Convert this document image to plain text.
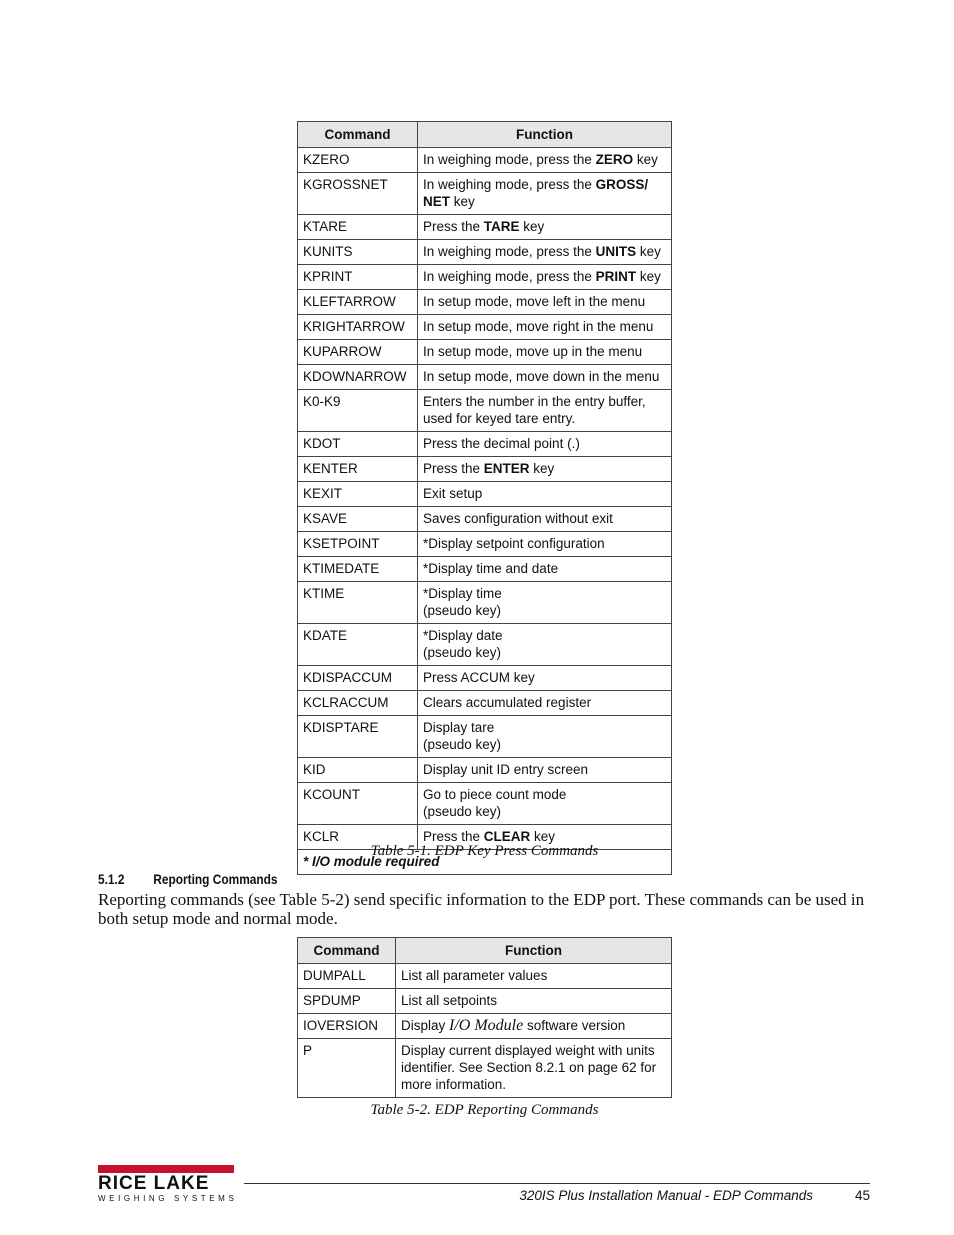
Command	Function
KZERO	In weighing mode, press the ZERO key
KGROSSNET	In weighing mode, press the GROSS/
NET key
KTARE	Press the TARE key
KUNITS	In weighing mode, press the UNITS key
KPRINT	In weighing mode, press the PRINT key
KLEFTARROW	In setup mode, move left in the menu
KRIGHTARROW	In setup mode, move right in the menu
KUPARROW	In setup mode, move up in the menu
KDOWNARROW	In setup mode, move down in the menu
K0-K9	Enters the number in the entry buffer,
used for keyed tare entry.
KDOT	Press the decimal point (.)
KENTER	Press the ENTER key
KEXIT	Exit setup
KSAVE	Saves configuration without exit
KSETPOINT	*Display setpoint configuration
KTIMEDATE	*Display time and date
KTIME	*Display time
(pseudo key)
KDATE	*Display date
(pseudo key)
KDISPACCUM	Press ACCUM key
KCLRACCUM	Clears accumulated register
KDISPTARE	Display tare
(pseudo key)
KID	Display unit ID entry screen
KCOUNT	Go to piece count mode
(pseudo key)
KCLR	Press the CLEAR key
* I/O module required	
Table 5-1. EDP Key Press Commands
5.1.2 Reporting Commands
Reporting commands (see Table 5-2) send specific information to the EDP port. These commands can be used in both setup mode and normal mode.
Command	Function
DUMPALL	List all parameter values
SPDUMP	List all setpoints
IOVERSION	Display I/O Module software version
P	Display current displayed weight with units
identifier. See Section 8.2.1 on page 62 for
more information.
Table 5-2. EDP Reporting Commands
RICE LAKE
WEIGHING SYSTEMS	320IS Plus Installation Manual - EDP Commands	45
